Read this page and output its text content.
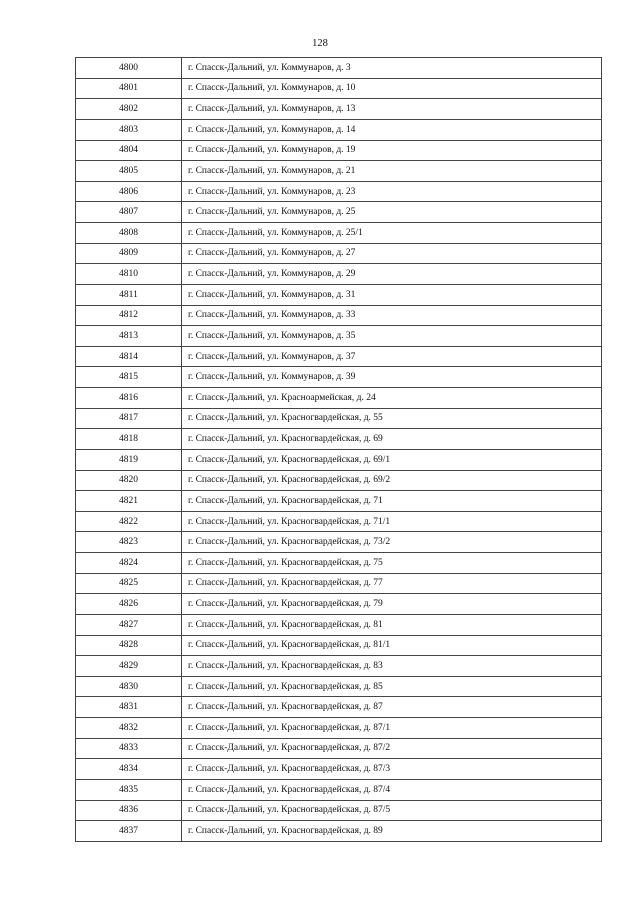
128
4800	г. Спасск-Дальний, ул. Коммунаров, д. 3
4801	г. Спасск-Дальний, ул. Коммунаров, д. 10
4802	г. Спасск-Дальний, ул. Коммунаров, д. 13
4803	г. Спасск-Дальний, ул. Коммунаров, д. 14
4804	г. Спасск-Дальний, ул. Коммунаров, д. 19
4805	г. Спасск-Дальний, ул. Коммунаров, д. 21
4806	г. Спасск-Дальний, ул. Коммунаров, д. 23
4807	г. Спасск-Дальний, ул. Коммунаров, д. 25
4808	г. Спасск-Дальний, ул. Коммунаров, д. 25/1
4809	г. Спасск-Дальний, ул. Коммунаров, д. 27
4810	г. Спасск-Дальний, ул. Коммунаров, д. 29
4811	г. Спасск-Дальний, ул. Коммунаров, д. 31
4812	г. Спасск-Дальний, ул. Коммунаров, д. 33
4813	г. Спасск-Дальний, ул. Коммунаров, д. 35
4814	г. Спасск-Дальний, ул. Коммунаров, д. 37
4815	г. Спасск-Дальний, ул. Коммунаров, д. 39
4816	г. Спасск-Дальний, ул. Красноармейская, д. 24
4817	г. Спасск-Дальний, ул. Красногвардейская, д. 55
4818	г. Спасск-Дальний, ул. Красногвардейская, д. 69
4819	г. Спасск-Дальний, ул. Красногвардейская, д. 69/1
4820	г. Спасск-Дальний, ул. Красногвардейская, д. 69/2
4821	г. Спасск-Дальний, ул. Красногвардейская, д. 71
4822	г. Спасск-Дальний, ул. Красногвардейская, д. 71/1
4823	г. Спасск-Дальний, ул. Красногвардейская, д. 73/2
4824	г. Спасск-Дальний, ул. Красногвардейская, д. 75
4825	г. Спасск-Дальний, ул. Красногвардейская, д. 77
4826	г. Спасск-Дальний, ул. Красногвардейская, д. 79
4827	г. Спасск-Дальний, ул. Красногвардейская, д. 81
4828	г. Спасск-Дальний, ул. Красногвардейская, д. 81/1
4829	г. Спасск-Дальний, ул. Красногвардейская, д. 83
4830	г. Спасск-Дальний, ул. Красногвардейская, д. 85
4831	г. Спасск-Дальний, ул. Красногвардейская, д. 87
4832	г. Спасск-Дальний, ул. Красногвардейская, д. 87/1
4833	г. Спасск-Дальний, ул. Красногвардейская, д. 87/2
4834	г. Спасск-Дальний, ул. Красногвардейская, д. 87/3
4835	г. Спасск-Дальний, ул. Красногвардейская, д. 87/4
4836	г. Спасск-Дальний, ул. Красногвардейская, д. 87/5
4837	г. Спасск-Дальний, ул. Красногвардейская, д. 89
